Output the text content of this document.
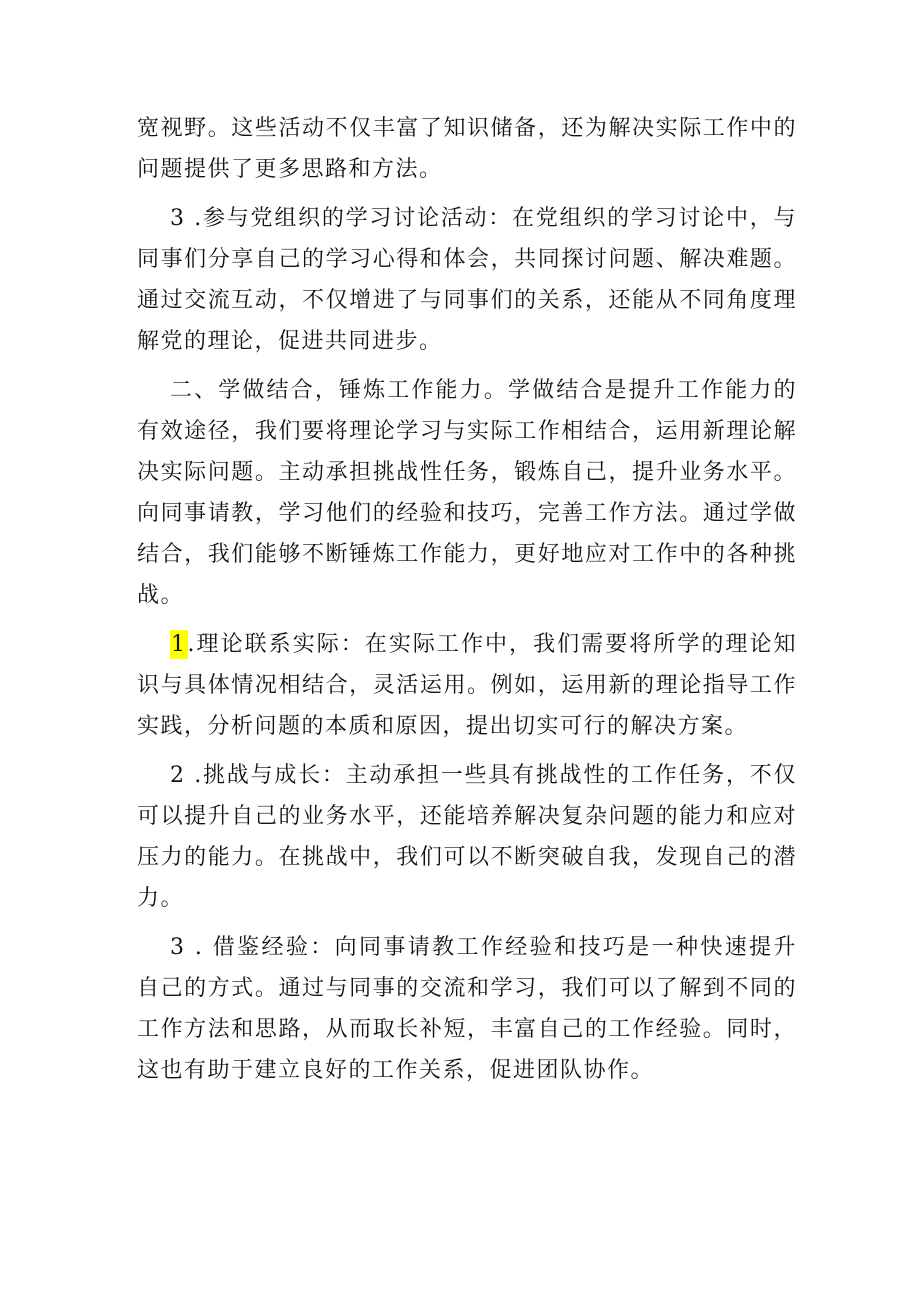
宽视野。这些活动不仅丰富了知识储备，还为解决实际工作中的问题提供了更多思路和方法。

3 .参与党组织的学习讨论活动：在党组织的学习讨论中，与同事们分享自己的学习心得和体会，共同探讨问题、解决难题。通过交流互动，不仅增进了与同事们的关系，还能从不同角度理解党的理论，促进共同进步。

二、学做结合，锤炼工作能力。学做结合是提升工作能力的有效途径，我们要将理论学习与实际工作相结合，运用新理论解决实际问题。主动承担挑战性任务，锻炼自己，提升业务水平。向同事请教，学习他们的经验和技巧，完善工作方法。通过学做结合，我们能够不断锤炼工作能力，更好地应对工作中的各种挑战。

1.理论联系实际：在实际工作中，我们需要将所学的理论知识与具体情况相结合，灵活运用。例如，运用新的理论指导工作实践，分析问题的本质和原因，提出切实可行的解决方案。

2 .挑战与成长：主动承担一些具有挑战性的工作任务，不仅可以提升自己的业务水平，还能培养解决复杂问题的能力和应对压力的能力。在挑战中，我们可以不断突破自我，发现自己的潜力。

3 . 借鉴经验：向同事请教工作经验和技巧是一种快速提升自己的方式。通过与同事的交流和学习，我们可以了解到不同的工作方法和思路，从而取长补短，丰富自己的工作经验。同时，这也有助于建立良好的工作关系，促进团队协作。
